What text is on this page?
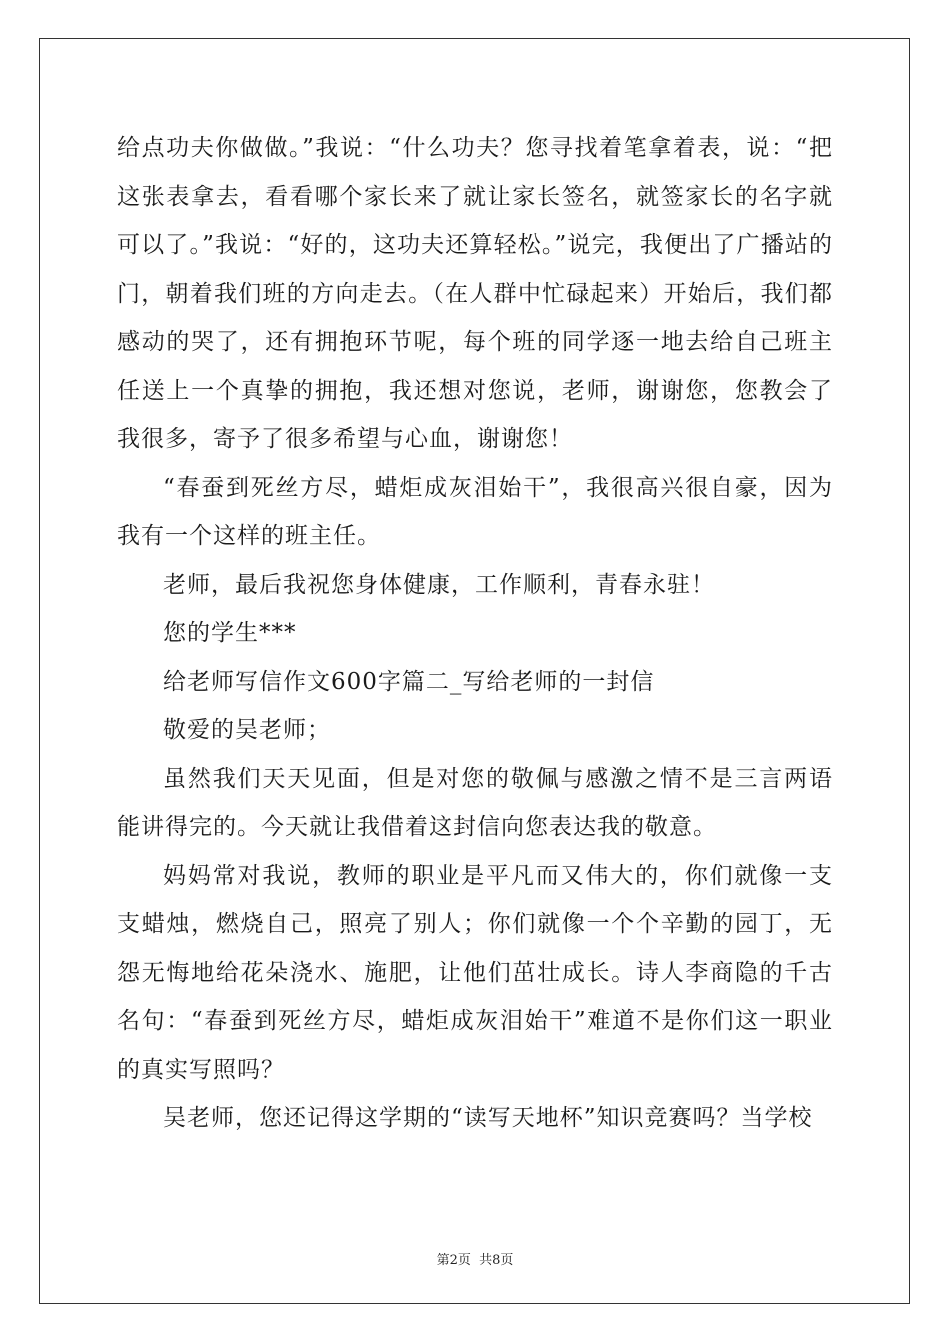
给点功夫你做做。”我说：“什么功夫？您寻找着笔拿着表，说：“把这张表拿去，看看哪个家长来了就让家长签名，就签家长的名字就可以了。”我说：“好的，这功夫还算轻松。”说完，我便出了广播站的门，朝着我们班的方向走去。（在人群中忙碌起来）开始后，我们都感动的哭了，还有拥抱环节呢，每个班的同学逐一地去给自己班主任送上一个真挚的拥抱，我还想对您说，老师，谢谢您，您教会了我很多，寄予了很多希望与心血，谢谢您！

“春蚕到死丝方尽，蜡炬成灰泪始干”，我很高兴很自豪，因为我有一个这样的班主任。

老师，最后我祝您身体健康，工作顺利，青春永驻！

您的学生***

给老师写信作文600字篇二_写给老师的一封信

敬爱的吴老师；

虽然我们天天见面，但是对您的敬佩与感激之情不是三言两语能讲得完的。今天就让我借着这封信向您表达我的敬意。

妈妈常对我说，教师的职业是平凡而又伟大的，你们就像一支支蜡烛，燃烧自己，照亮了别人；你们就像一个个辛勤的园丁，无怨无悔地给花朵浇水、施肥，让他们茁壮成长。诗人李商隐的千古名句：“春蚕到死丝方尽，蜡炬成灰泪始干”难道不是你们这一职业的真实写照吗？

吴老师，您还记得这学期的“读写天地杯”知识竞赛吗？当学校

第2页 共8页
